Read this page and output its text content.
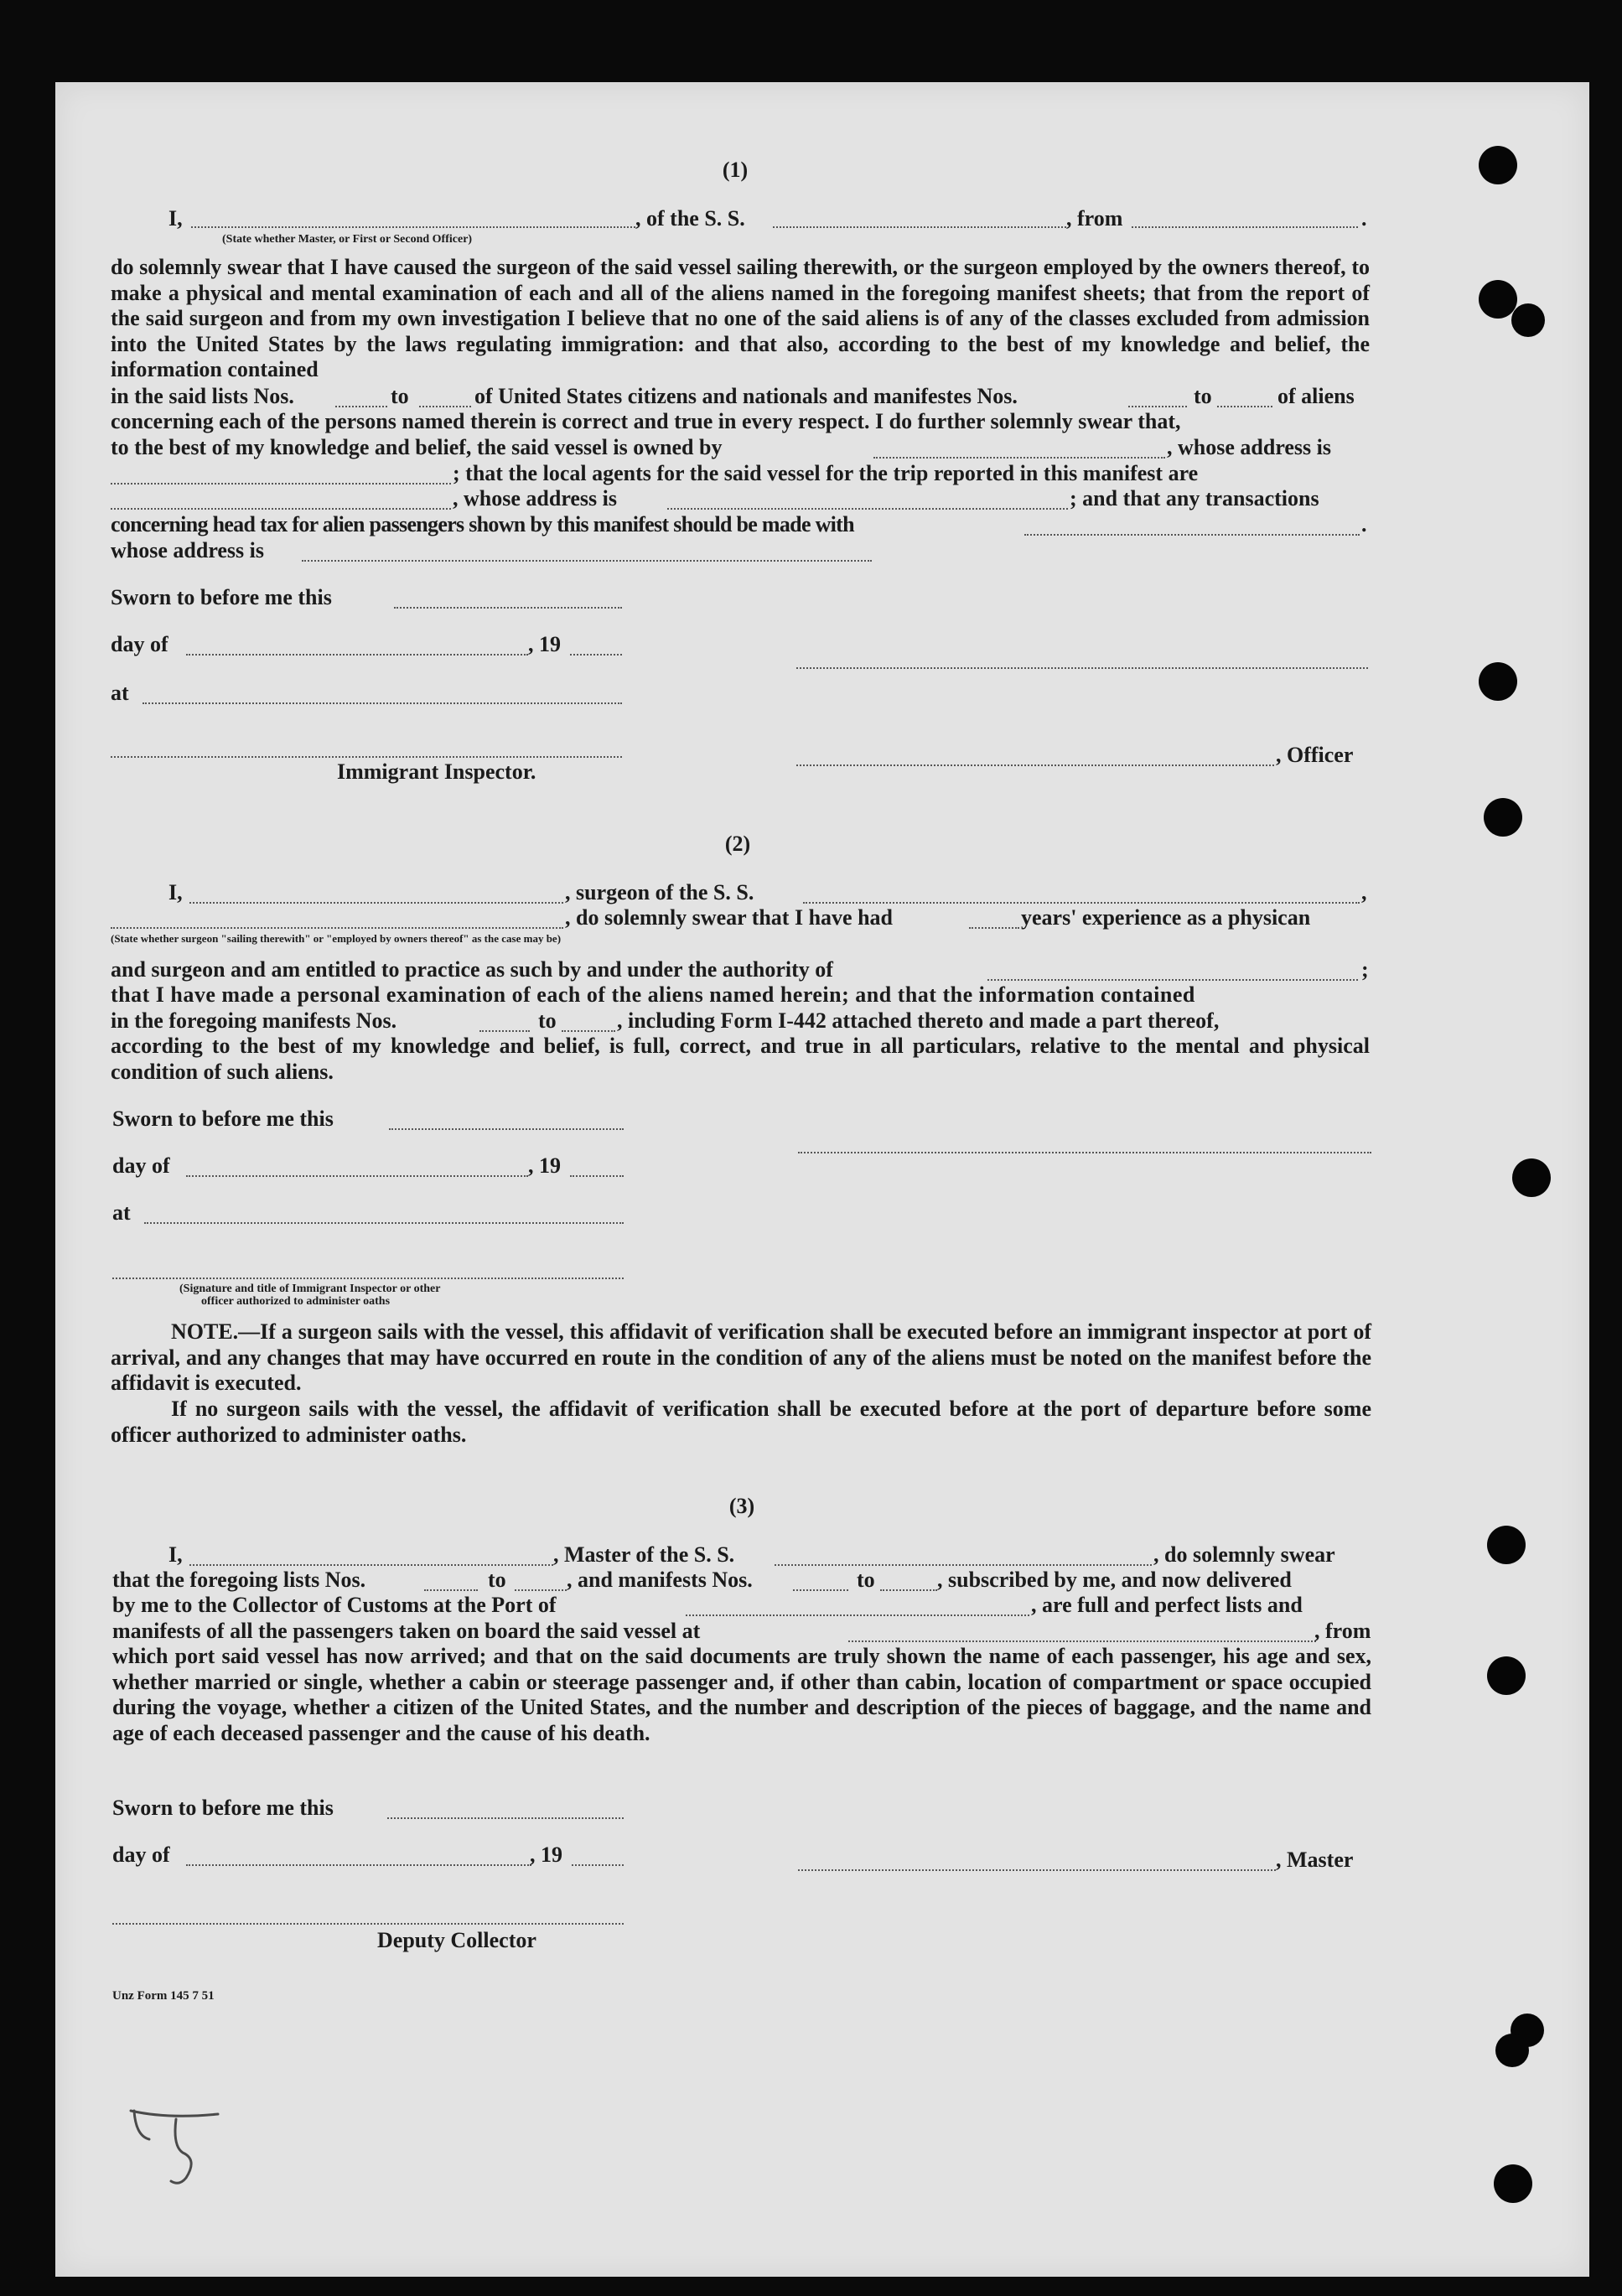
(1)
I,	, of the S. S.	, from	.
(State whether Master, or First or Second Officer)

do solemnly swear that I have caused the surgeon of the said vessel sailing therewith, or the surgeon employed by the owners thereof, to make a physical and mental examination of each and all of the aliens named in the foregoing manifest sheets; that from the report of the said surgeon and from my own investigation I believe that no one of the said aliens is of any of the classes excluded from admission into the United States by the laws regulating immigration: and that also, according to the best of my knowledge and belief, the information contained

in the said lists Nos.	to	of United States citizens and nationals and manifestes Nos.	to	of aliens
concerning each of the persons named therein is correct and true in every respect. I do further solemnly swear that,
to the best of my knowledge and belief, the said vessel is owned by	, whose address is
; that the local agents for the said vessel for the trip reported in this manifest are
, whose address is	; and that any transactions
concerning head tax for alien passengers shown by this manifest should be made with	.
whose address is
Sworn to before me this
day of	, 19
at
, Officer
Immigrant Inspector.
(2)
I,	, surgeon of the S. S.	,
, do solemnly swear that I have had	years' experience as a physican
(State whether surgeon "sailing therewith" or "employed by owners thereof" as the case may be)
and surgeon and am entitled to practice as such by and under the authority of	;
that I have made a personal examination of each of the aliens named herein; and that the information contained
in the foregoing manifests Nos.	to	, including Form I-442 attached thereto and made a part thereof,

according to the best of my knowledge and belief, is full, correct, and true in all particulars, relative to the mental and physical condition of such aliens.

Sworn to before me this
day of	, 19
at
(Signature and title of Immigrant Inspector or other
officer authorized to administer oaths

NOTE.—If a surgeon sails with the vessel, this affidavit of verification shall be executed before an immigrant inspector at port of arrival, and any changes that may have occurred en route in the condition of any of the aliens must be noted on the manifest before the affidavit is executed.

If no surgeon sails with the vessel, the affidavit of verification shall be executed before at the port of departure before some officer authorized to administer oaths.

(3)
I,	, Master of the S. S.	, do solemnly swear
that the foregoing lists Nos.	to	, and manifests Nos.	to	, subscribed by me, and now delivered
by me to the Collector of Customs at the Port of	, are full and perfect lists and
manifests of all the passengers taken on board the said vessel at	, from

which port said vessel has now arrived; and that on the said documents are truly shown the name of each passenger, his age and sex, whether married or single, whether a cabin or steerage passenger and, if other than cabin, location of compartment or space occupied during the voyage, whether a citizen of the United States, and the number and description of the pieces of baggage, and the name and age of each deceased passenger and the cause of his death.

Sworn to before me this
day of	, 19	, Master
Deputy Collector
Unz Form 145 7 51
